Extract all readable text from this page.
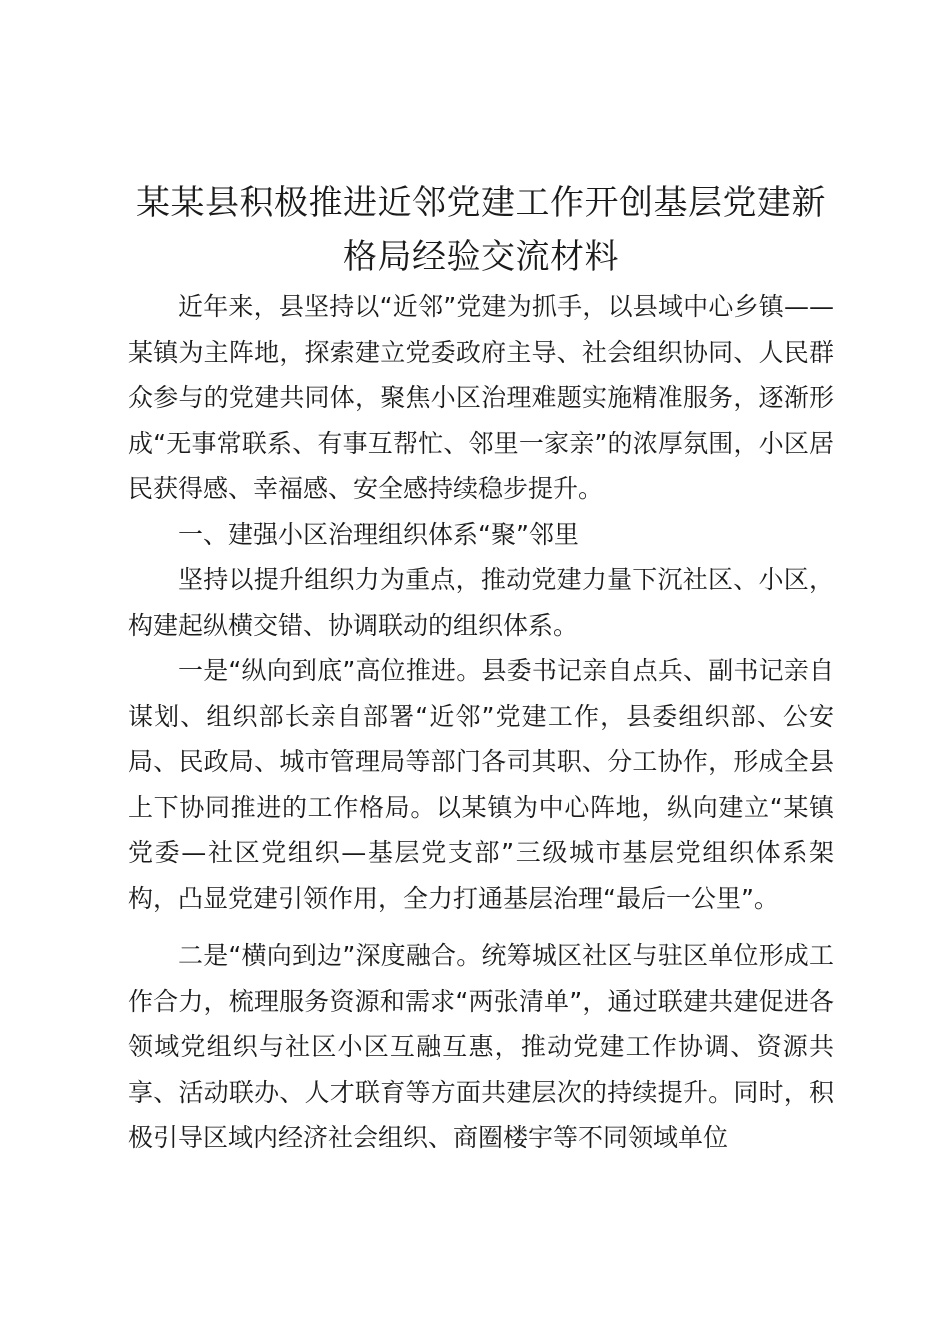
某某县积极推进近邻党建工作开创基层党建新格局经验交流材料

近年来，县坚持以“近邻”党建为抓手，以县域中心乡镇——某镇为主阵地，探索建立党委政府主导、社会组织协同、人民群众参与的党建共同体，聚焦小区治理难题实施精准服务，逐渐形成“无事常联系、有事互帮忙、邻里一家亲”的浓厚氛围，小区居民获得感、幸福感、安全感持续稳步提升。

一、建强小区治理组织体系“聚”邻里

坚持以提升组织力为重点，推动党建力量下沉社区、小区，构建起纵横交错、协调联动的组织体系。

一是“纵向到底”高位推进。县委书记亲自点兵、副书记亲自谋划、组织部长亲自部署“近邻”党建工作，县委组织部、公安局、民政局、城市管理局等部门各司其职、分工协作，形成全县上下协同推进的工作格局。以某镇为中心阵地，纵向建立“某镇党委—社区党组织—基层党支部”三级城市基层党组织体系架构，凸显党建引领作用，全力打通基层治理“最后一公里”。

二是“横向到边”深度融合。统筹城区社区与驻区单位形成工作合力，梳理服务资源和需求“两张清单”，通过联建共建促进各领域党组织与社区小区互融互惠，推动党建工作协调、资源共享、活动联办、人才联育等方面共建层次的持续提升。同时，积极引导区域内经济社会组织、商圈楼宇等不同领域单位
